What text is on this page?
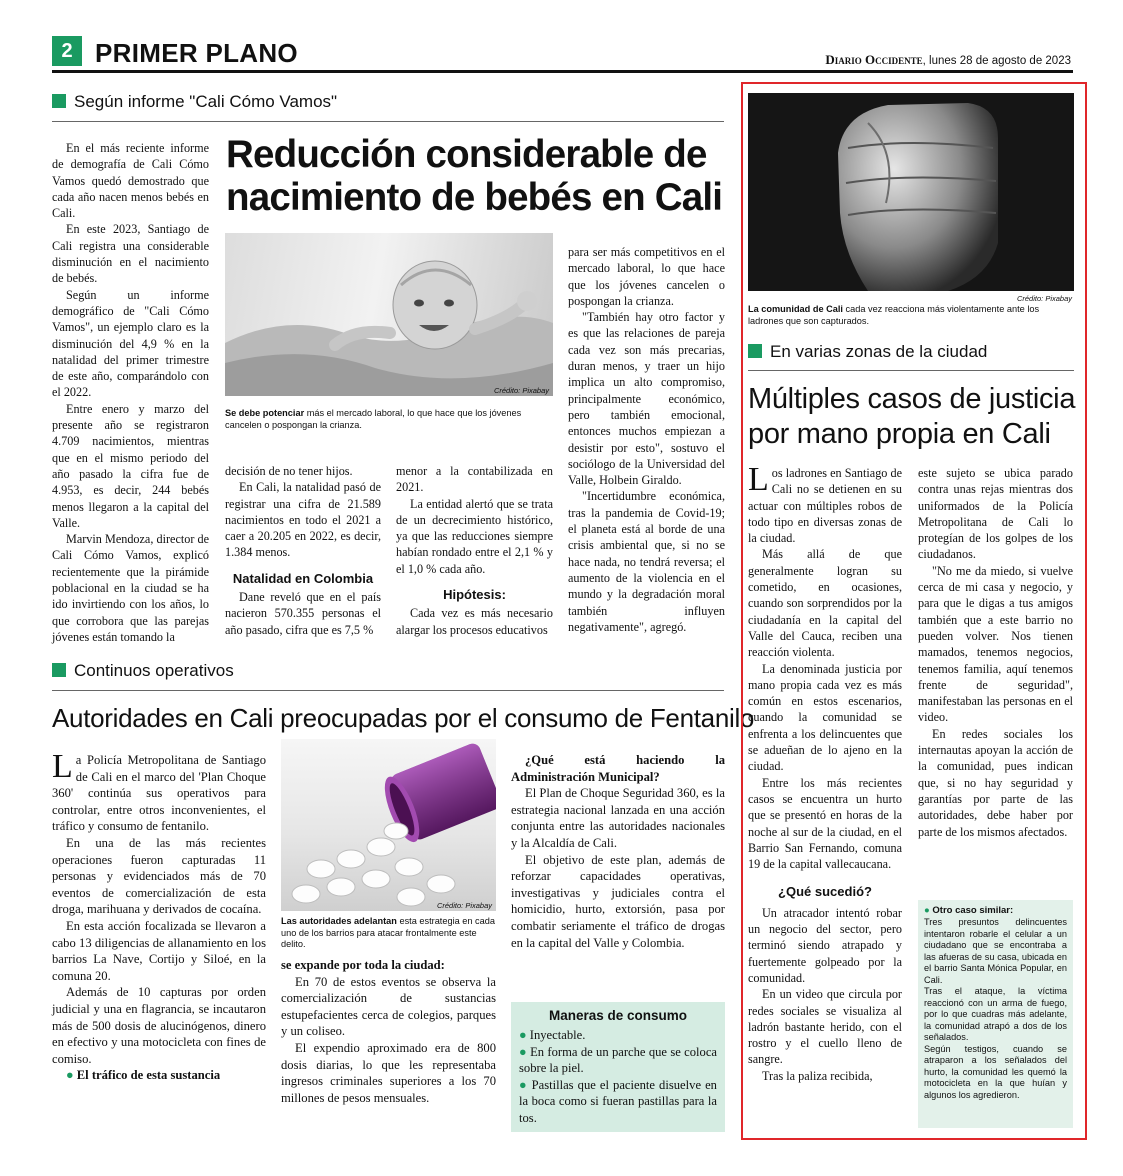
2 PRIMER PLANO	Diario Occidente, lunes 28 de agosto de 2023
Según informe "Cali Cómo Vamos"

En el más reciente informe de demografía de Cali Cómo Vamos quedó demostrado que cada año nacen menos bebés en Cali.

En este 2023, Santiago de Cali registra una considerable disminución en el nacimiento de bebés.

Según un informe demográfico de "Cali Cómo Vamos", un ejemplo claro es la disminución del 4,9 % en la natalidad del primer trimestre de este año, comparándolo con el 2022.

Entre enero y marzo del presente año se registraron 4.709 nacimientos, mientras que en el mismo periodo del año pasado la cifra fue de 4.953, es decir, 244 bebés menos llegaron a la capital del Valle.

Marvin Mendoza, director de Cali Cómo Vamos, explicó recientemente que la pirámide poblacional en la ciudad se ha ido invirtiendo con los años, lo que corrobora que las parejas jóvenes están tomando la

Reducción considerable de
nacimiento de bebés en Cali
Crédito: Pixabay
Se debe potenciar más el mercado laboral, lo que hace que los jóvenes cancelen o pospongan la crianza.

decisión de no tener hijos.

En Cali, la natalidad pasó de registrar una cifra de 21.589 nacimientos en todo el 2021 a caer a 20.205 en 2022, es decir, 1.384 menos.

Natalidad en Colombia

Dane reveló que en el país nacieron 570.355 personas el año pasado, cifra que es 7,5 %

menor a la contabilizada en 2021.

La entidad alertó que se trata de un decrecimiento histórico, ya que las reducciones siempre habían rondado entre el 2,1 % y el 1,0 % cada año.

Hipótesis:

Cada vez es más necesario alargar los procesos educativos

para ser más competitivos en el mercado laboral, lo que hace que los jóvenes cancelen o pospongan la crianza.

"También hay otro factor y es que las relaciones de pareja cada vez son más precarias, duran menos, y traer un hijo implica un alto compromiso, principalmente económico, pero también emocional, entonces muchos empiezan a desistir por esto", sostuvo el sociólogo de la Universidad del Valle, Holbein Giraldo.

"Incertidumbre económica, tras la pandemia de Covid-19; el planeta está al borde de una crisis ambiental que, si no se hace nada, no tendrá reversa; el aumento de la violencia en el mundo y la degradación moral también influyen negativamente", agregó.

Continuos operativos
Autoridades en Cali preocupadas por el consumo de Fentanilo

La Policía Metropolitana de Santiago de Cali en el marco del 'Plan Choque 360' continúa sus operativos para controlar, entre otros inconvenientes, el tráfico y consumo de fentanilo.

En una de las más recientes operaciones fueron capturadas 11 personas y evidenciados más de 70 eventos de comercialización de esta droga, marihuana y derivados de cocaína.

En esta acción focalizada se llevaron a cabo 13 diligencias de allanamiento en los barrios La Nave, Cortijo y Siloé, en la comuna 20.

Además de 10 capturas por orden judicial y una en flagrancia, se incautaron más de 500 dosis de alucinógenos, dinero en efectivo y una motocicleta con fines de comiso.

● El tráfico de esta sustancia

Crédito: Pixabay
Las autoridades adelantan esta estrategia en cada uno de los barrios para atacar frontalmente este delito.

se expande por toda la ciudad:

En 70 de estos eventos se observa la comercialización de sustancias estupefacientes cerca de colegios, parques y un coliseo.

El expendio aproximado era de 800 dosis diarias, lo que les representaba ingresos criminales superiores a los 70 millones de pesos mensuales.

¿Qué está haciendo la Administración Municipal?

El Plan de Choque Seguridad 360, es la estrategia nacional lanzada en una acción conjunta entre las autoridades nacionales y la Alcaldía de Cali.

El objetivo de este plan, además de reforzar capacidades operativas, investigativas y judiciales contra el homicidio, hurto, extorsión, pasa por combatir seriamente el tráfico de drogas en la capital del Valle y Colombia.

Maneras de consumo

● Inyectable.

● En forma de un parche que se coloca sobre la piel.

● Pastillas que el paciente disuelve en la boca como si fueran pastillas para la tos.

Crédito: Pixabay
La comunidad de Cali cada vez reacciona más violentamente ante los ladrones que son capturados.
En varias zonas de la ciudad
Múltiples casos de justicia
por mano propia en Cali

Los ladrones en Santiago de Cali no se detienen en su actuar con múltiples robos de todo tipo en diversas zonas de la ciudad.

Más allá de que generalmente logran su cometido, en ocasiones, cuando son sorprendidos por la ciudadanía en la capital del Valle del Cauca, reciben una reacción violenta.

La denominada justicia por mano propia cada vez es más común en estos escenarios, cuando la comunidad se enfrenta a los delincuentes que se adueñan de lo ajeno en la ciudad.

Entre los más recientes casos se encuentra un hurto que se presentó en horas de la noche al sur de la ciudad, en el Barrio San Fernando, comuna 19 de la capital vallecaucana.

¿Qué sucedió?

Un atracador intentó robar un negocio del sector, pero terminó siendo atrapado y fuertemente golpeado por la comunidad.

En un video que circula por redes sociales se visualiza al ladrón bastante herido, con el rostro y el cuello lleno de sangre.

Tras la paliza recibida,

este sujeto se ubica parado contra unas rejas mientras dos uniformados de la Policía Metropolitana de Cali lo protegían de los golpes de los ciudadanos.

"No me da miedo, si vuelve cerca de mi casa y negocio, y para que le digas a tus amigos también que a este barrio no pueden volver. Nos tienen mamados, tenemos negocios, tenemos familia, aquí tenemos frente de seguridad", manifestaban las personas en el video.

En redes sociales los internautas apoyan la acción de la comunidad, pues indican que, si no hay seguridad y garantías por parte de las autoridades, debe haber por parte de los mismos afectados.

● Otro caso similar:

Tres presuntos delincuentes intentaron robarle el celular a un ciudadano que se encontraba a las afueras de su casa, ubicada en el barrio Santa Mónica Popular, en Cali.

Tras el ataque, la víctima reaccionó con un arma de fuego, por lo que cuadras más adelante, la comunidad atrapó a dos de los señalados.

Según testigos, cuando se atraparon a los señalados del hurto, la comunidad les quemó la motocicleta en la que huían y algunos los agredieron.
